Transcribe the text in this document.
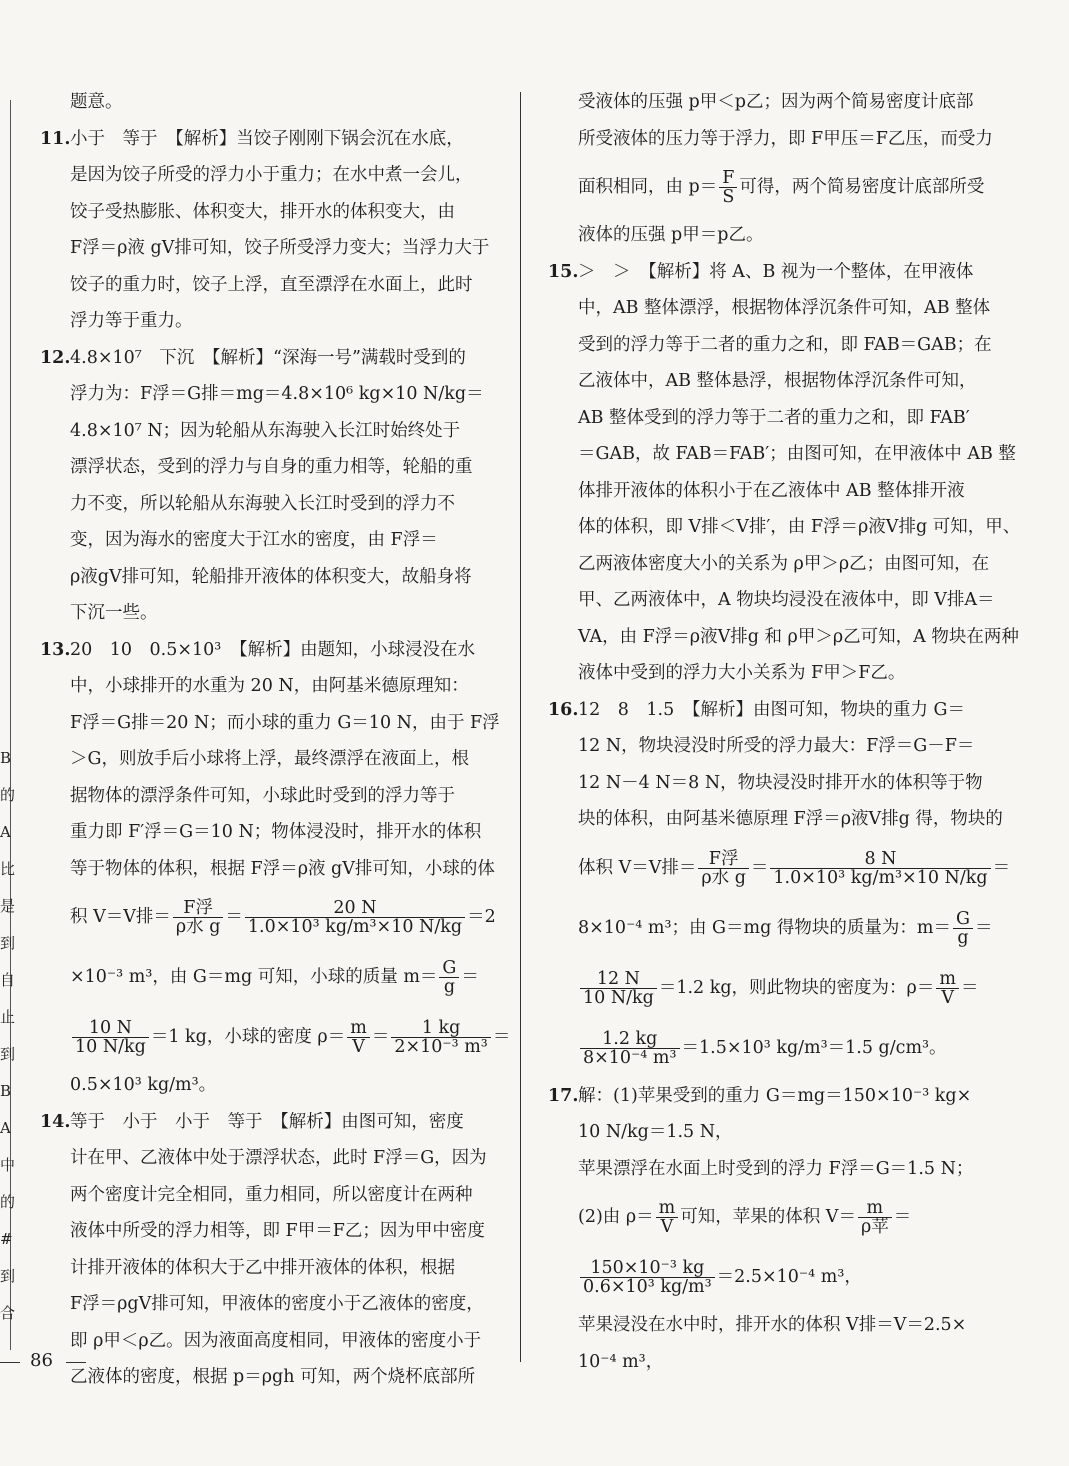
B
的
A
比
是
到
自
止
到
B
A
中
的
#
到
合
题意。
11.小于　等于　【解析】当饺子刚刚下锅会沉在水底，
是因为饺子所受的浮力小于重力；在水中煮一会儿，
饺子受热膨胀、体积变大，排开水的体积变大，由
F浮＝ρ液 gV排可知，饺子所受浮力变大；当浮力大于
饺子的重力时，饺子上浮，直至漂浮在水面上，此时
浮力等于重力。
12.4.8×10⁷　下沉　【解析】“深海一号”满载时受到的
浮力为：F浮＝G排＝mg＝4.8×10⁶ kg×10 N/kg＝
4.8×10⁷ N；因为轮船从东海驶入长江时始终处于
漂浮状态，受到的浮力与自身的重力相等，轮船的重
力不变，所以轮船从东海驶入长江时受到的浮力不
变，因为海水的密度大于江水的密度，由 F浮＝
ρ液gV排可知，轮船排开液体的体积变大，故船身将
下沉一些。
13.20　10　0.5×10³　【解析】由题知，小球浸没在水
中，小球排开的水重为 20 N，由阿基米德原理知：
F浮＝G排＝20 N；而小球的重力 G＝10 N，由于 F浮
＞G，则放手后小球将上浮，最终漂浮在液面上，根
据物体的漂浮条件可知，小球此时受到的浮力等于
重力即 F′浮＝G＝10 N；物体浸没时，排开水的体积
等于物体的体积，根据 F浮＝ρ液 gV排可知，小球的体
积 V＝V排＝ $\frac{\text{F浮}}{\text{ρ水 g}} = \frac{20 N}{\text{1.0×10³ kg/m³×10 N/kg}} =2$
×10⁻³ m³，由 G＝mg 可知，小球的质量 $m= \frac{G}{g}$ ＝
$\frac{10 N}{10 N/kg} =1$ kg，小球的密度 $\rho= \frac{m}{V} = \frac{1 kg}{\text{2×10⁻³ m³}}$ ＝
0.5×10³ kg/m³。
14.等于　小于　小于　等于　【解析】由图可知，密度
计在甲、乙液体中处于漂浮状态，此时 F浮＝G，因为
两个密度计完全相同，重力相同，所以密度计在两种
液体中所受的浮力相等，即 F甲＝F乙；因为甲中密度
计排开液体的体积大于乙中排开液体的体积，根据
F浮＝ρgV排可知，甲液体的密度小于乙液体的密度，
即 ρ甲＜ρ乙。因为液面高度相同，甲液体的密度小于
乙液体的密度，根据 p＝ρgh 可知，两个烧杯底部所
受液体的压强 p甲＜p乙；因为两个简易密度计底部
所受液体的压力等于浮力，即 F甲压＝F乙压，而受力
面积相同，由 $p= \frac{F}{S}$ 可得，两个简易密度计底部所受
液体的压强 p甲＝p乙。
15.＞　＞　【解析】将 A、B 视为一个整体，在甲液体
中，AB 整体漂浮，根据物体浮沉条件可知，AB 整体
受到的浮力等于二者的重力之和，即 FAB＝GAB；在
乙液体中，AB 整体悬浮，根据物体浮沉条件可知，
AB 整体受到的浮力等于二者的重力之和，即 FAB′
＝GAB，故 FAB＝FAB′；由图可知，在甲液体中 AB 整
体排开液体的体积小于在乙液体中 AB 整体排开液
体的体积，即 V排＜V排′，由 F浮＝ρ液V排g 可知，甲、
乙两液体密度大小的关系为 ρ甲＞ρ乙；由图可知，在
甲、乙两液体中，A 物块均浸没在液体中，即 V排A＝
VA，由 F浮＝ρ液V排g 和 ρ甲＞ρ乙可知，A 物块在两种
液体中受到的浮力大小关系为 F甲＞F乙。
16.12　8　1.5　【解析】由图可知，物块的重力 G＝
12 N，物块浸没时所受的浮力最大：F浮＝G－F＝
12 N－4 N＝8 N，物块浸没时排开水的体积等于物
块的体积，由阿基米德原理 F浮＝ρ液V排g 得，物块的
体积 V＝V排＝ $\frac{\text{F浮}}{\text{ρ水 g}} = \frac{8 N}{\text{1.0×10³ kg/m³×10 N/kg}}$ ＝
8×10⁻⁴ m³；由 G＝mg 得物块的质量为：$m= \frac{G}{g}$ ＝
$\frac{12 N}{10 N/kg} =1.2$ kg，则此物块的密度为：$\rho= \frac{m}{V}$ ＝
$\frac{1.2 kg}{\text{8×10⁻⁴ m³}} =1.5\times 10^3$ kg/m³＝1.5 g/cm³。
17.解：(1)苹果受到的重力 G＝mg＝150×10⁻³ kg×
10 N/kg＝1.5 N，
苹果漂浮在水面上时受到的浮力 F浮＝G＝1.5 N；
(2)由 $\rho= \frac{m}{V}$ 可知，苹果的体积 $V= \frac{m}{\text{ρ苹}}$ ＝
$\frac{\text{150×10⁻³ kg}}{\text{0.6×10³ kg/m³}} =2.5\times 10^{-4}$ m³，
苹果浸没在水中时，排开水的体积 V排＝V＝2.5×
10⁻⁴ m³，
86
